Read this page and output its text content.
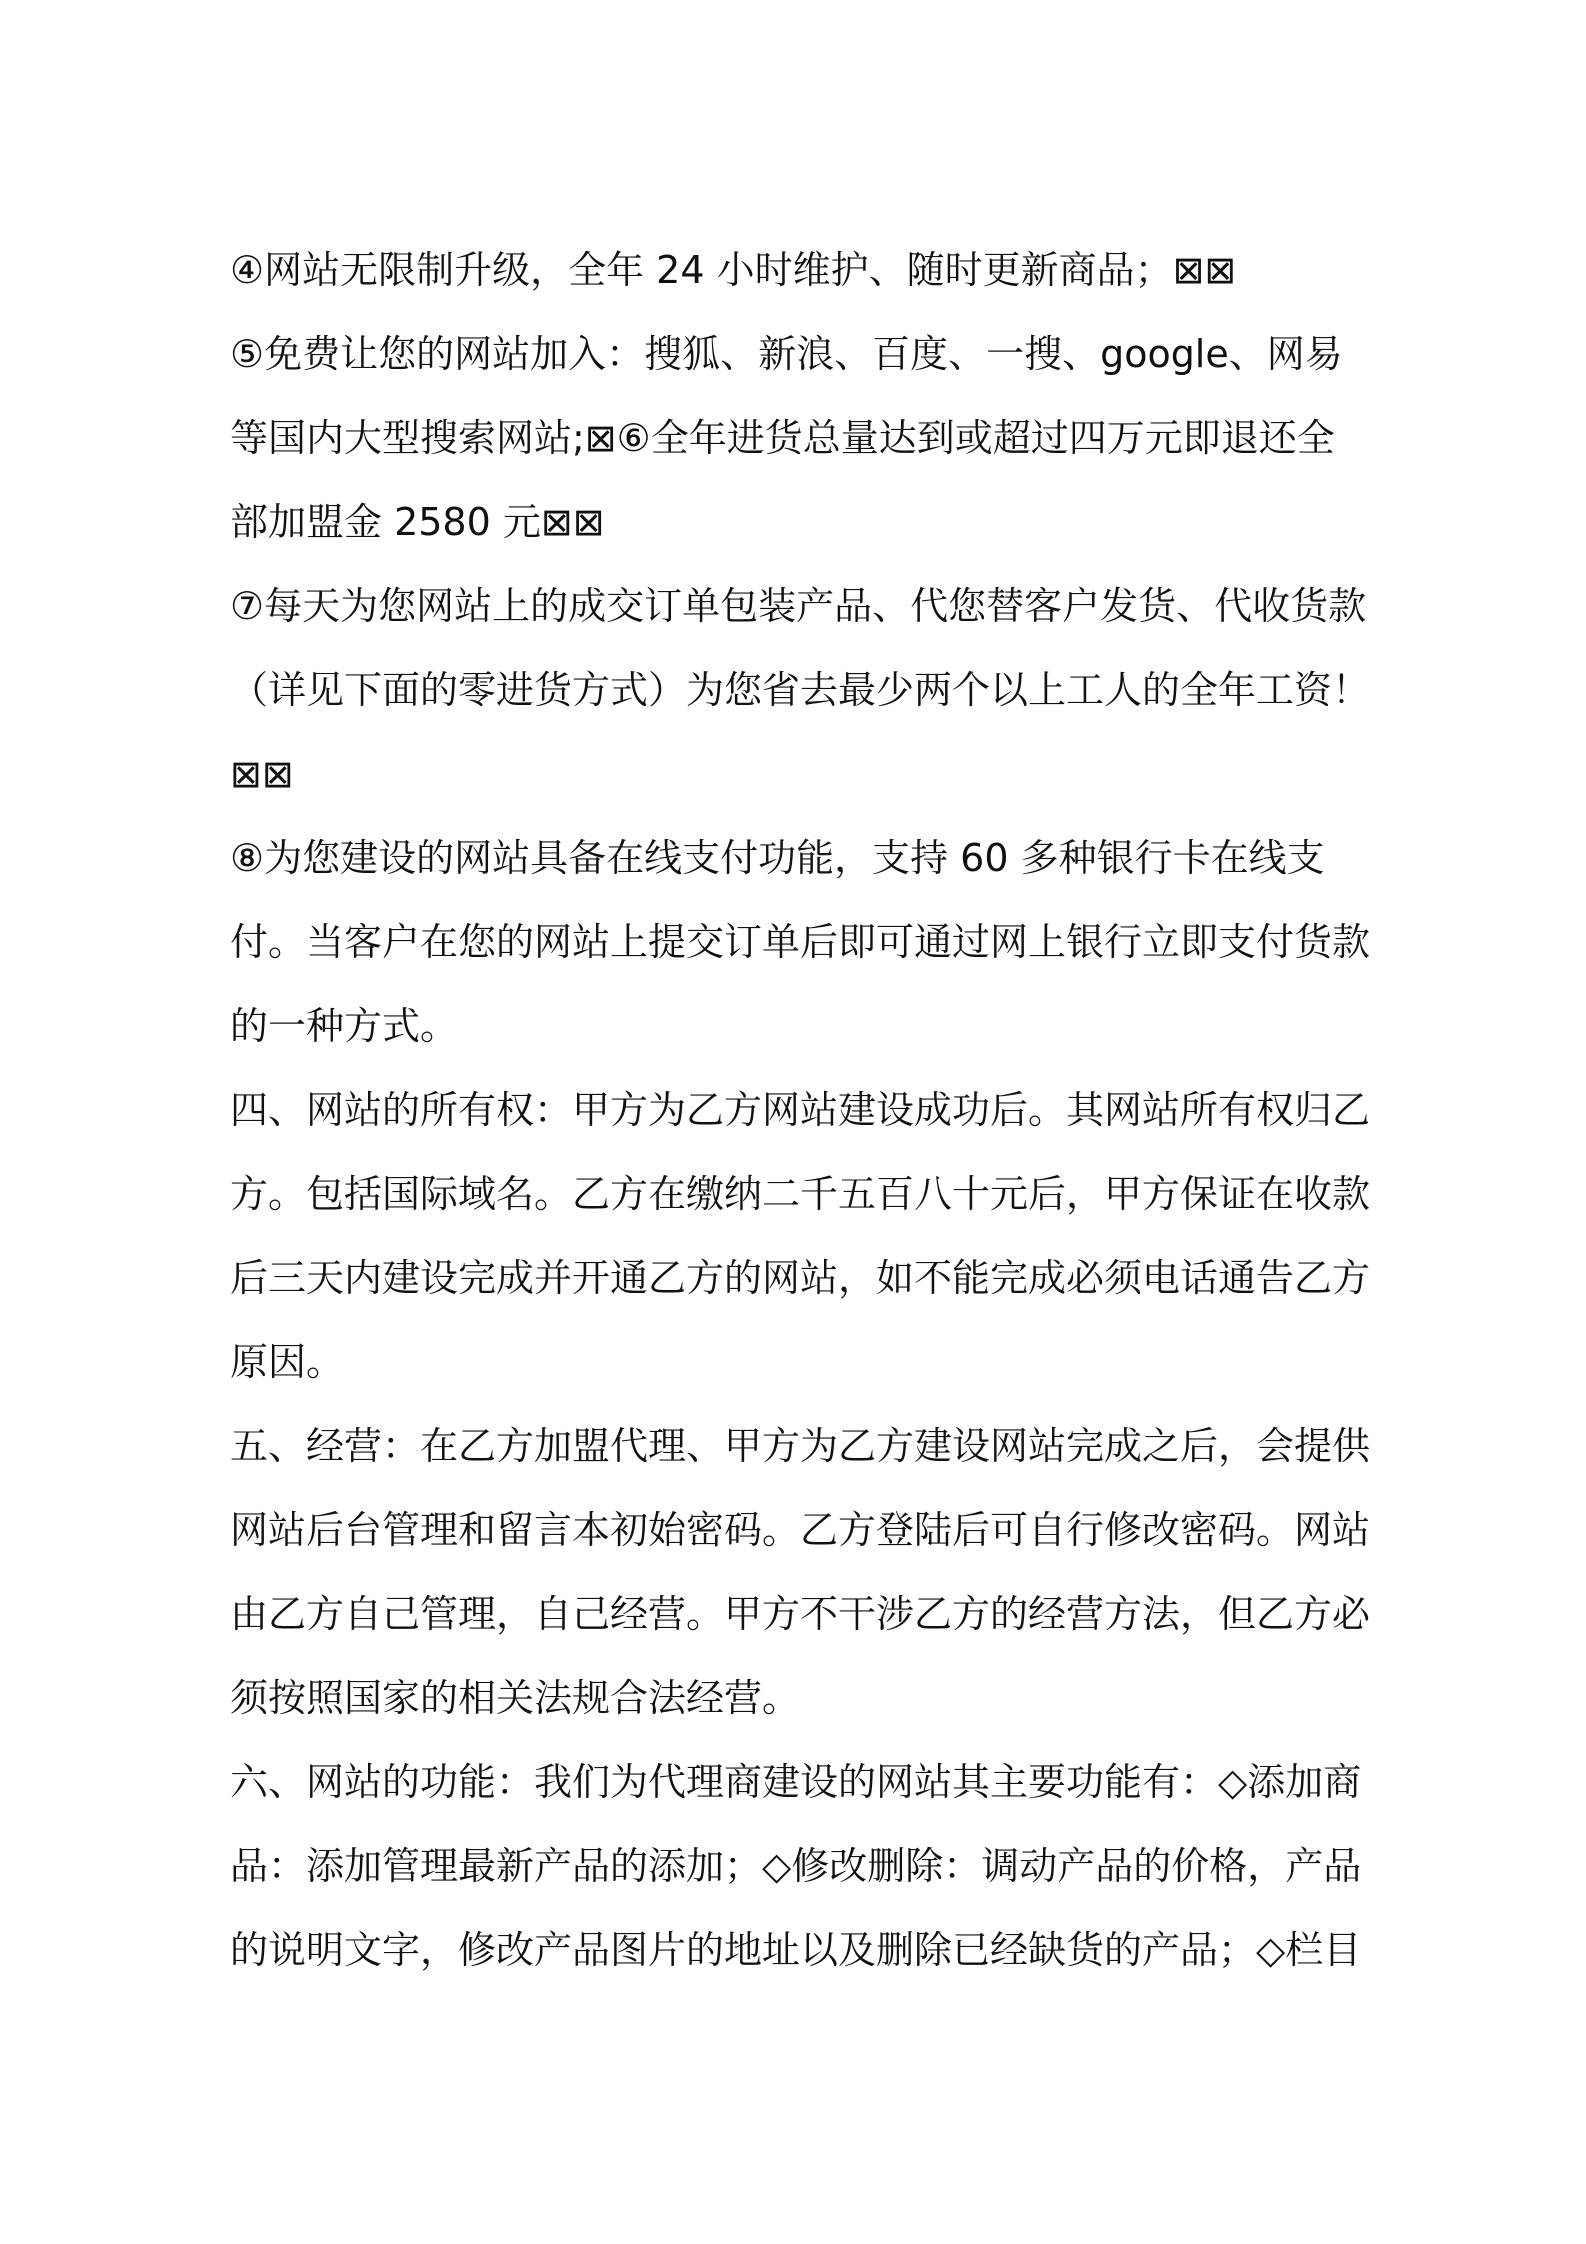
④网站无限制升级，全年 24 小时维护、随时更新商品；⊠⊠

⑤免费让您的网站加入：搜狐、新浪、百度、一搜、google、网易等国内大型搜索网站;⊠⑥全年进货总量达到或超过四万元即退还全部加盟金 2580 元⊠⊠

⑦每天为您网站上的成交订单包装产品、代您替客户发货、代收货款（详见下面的零进货方式）为您省去最少两个以上工人的全年工资！⊠⊠

⑧为您建设的网站具备在线支付功能，支持 60 多种银行卡在线支付。当客户在您的网站上提交订单后即可通过网上银行立即支付货款的一种方式。

四、网站的所有权：甲方为乙方网站建设成功后。其网站所有权归乙方。包括国际域名。乙方在缴纳二千五百八十元后，甲方保证在收款后三天内建设完成并开通乙方的网站，如不能完成必须电话通告乙方原因。

五、经营：在乙方加盟代理、甲方为乙方建设网站完成之后，会提供网站后台管理和留言本初始密码。乙方登陆后可自行修改密码。网站由乙方自己管理，自己经营。甲方不干涉乙方的经营方法，但乙方必须按照国家的相关法规合法经营。

六、网站的功能：我们为代理商建设的网站其主要功能有：◇添加商品：添加管理最新产品的添加；◇修改删除：调动产品的价格，产品的说明文字，修改产品图片的地址以及删除已经缺货的产品；◇栏目
